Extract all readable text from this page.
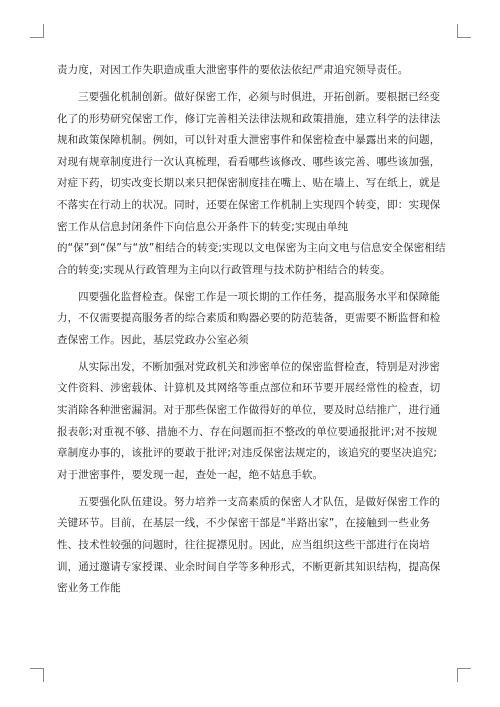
责力度，对因工作失职造成重大泄密事件的要依法依纪严肃追究领导责任。

三要强化机制创新。做好保密工作，必须与时俱进，开拓创新。要根据已经变化了的形势研究保密工作，修订完善相关法律法规和政策措施，建立科学的法律法规和政策保障机制。例如，可以针对重大泄密事件和保密检查中暴露出来的问题，对现有规章制度进行一次认真梳理，看看哪些该修改、哪些该完善、哪些该加强，对症下药，切实改变长期以来只把保密制度挂在嘴上、贴在墙上、写在纸上，就是不落实在行动上的状况。同时，还要在保密工作机制上实现四个转变，即：实现保密工作从信息封闭条件下向信息公开条件下的转变;实现由单纯的“保”到“保”与“放”相结合的转变;实现以文电保密为主向文电与信息安全保密相结合的转变;实现从行政管理为主向以行政管理与技术防护相结合的转变。

四要强化监督检查。保密工作是一项长期的工作任务，提高服务水平和保障能力，不仅需要提高服务者的综合素质和购器必要的防范装备，更需要不断监督和检查保密工作。因此，基层党政办公室必须

从实际出发，不断加强对党政机关和涉密单位的保密监督检查，特别是对涉密文件资料、涉密载体、计算机及其网络等重点部位和环节要开展经常性的检查，切实消除各种泄密漏洞。对于那些保密工作做得好的单位，要及时总结推广，进行通报表彰;对重视不够、措施不力、存在问题而拒不整改的单位要通报批评;对不按规章制度办事的，该批评的要敢于批评;对违反保密法规定的，该追究的要坚决追究;对于泄密事件，要发现一起，查处一起，绝不姑息手软。

五要强化队伍建设。努力培养一支高素质的保密人才队伍，是做好保密工作的关键环节。目前，在基层一线，不少保密干部是“半路出家”，在接触到一些业务性、技术性较强的问题时，往往捉襟见肘。因此，应当组织这些干部进行在岗培训，通过邀请专家授课、业余时间自学等多种形式，不断更新其知识结构，提高保密业务工作能
